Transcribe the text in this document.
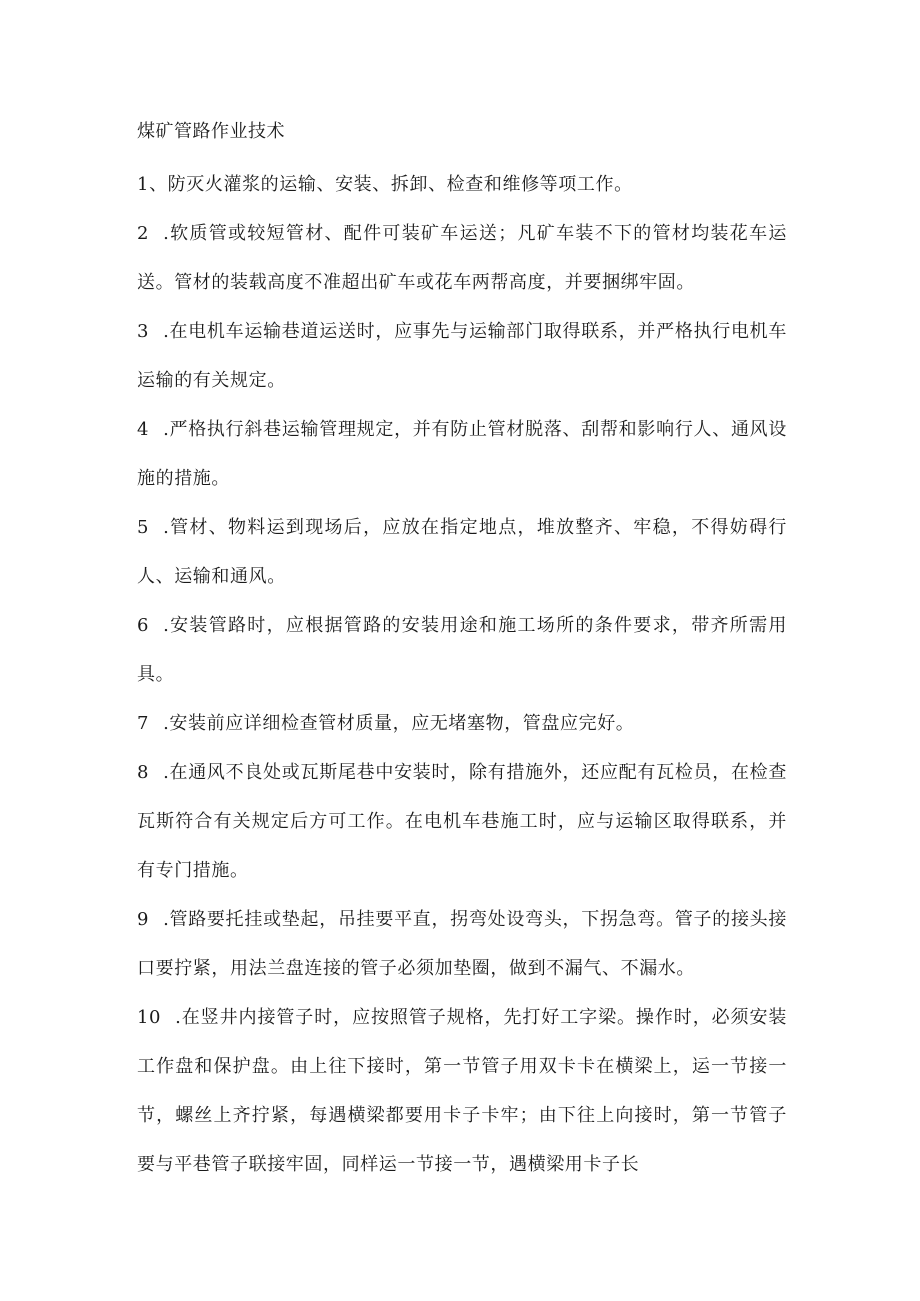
煤矿管路作业技术

1、防灭火灌浆的运输、安装、拆卸、检查和维修等项工作。

2 .软质管或较短管材、配件可装矿车运送；凡矿车装不下的管材均装花车运送。管材的装载高度不准超出矿车或花车两帮高度，并要捆绑牢固。

3 .在电机车运输巷道运送时，应事先与运输部门取得联系，并严格执行电机车运输的有关规定。

4 .严格执行斜巷运输管理规定，并有防止管材脱落、刮帮和影响行人、通风设施的措施。

5 .管材、物料运到现场后，应放在指定地点，堆放整齐、牢稳，不得妨碍行人、运输和通风。

6 .安装管路时，应根据管路的安装用途和施工场所的条件要求，带齐所需用具。

7 .安装前应详细检查管材质量，应无堵塞物，管盘应完好。

8 .在通风不良处或瓦斯尾巷中安装时，除有措施外，还应配有瓦检员，在检查瓦斯符合有关规定后方可工作。在电机车巷施工时，应与运输区取得联系，并有专门措施。

9 .管路要托挂或垫起，吊挂要平直，拐弯处设弯头，下拐急弯。管子的接头接口要拧紧，用法兰盘连接的管子必须加垫圈，做到不漏气、不漏水。

10 .在竖井内接管子时，应按照管子规格，先打好工字梁。操作时，必须安装工作盘和保护盘。由上往下接时，第一节管子用双卡卡在横梁上，运一节接一节，螺丝上齐拧紧，每遇横梁都要用卡子卡牢；由下往上向接时，第一节管子要与平巷管子联接牢固，同样运一节接一节，遇横梁用卡子长
